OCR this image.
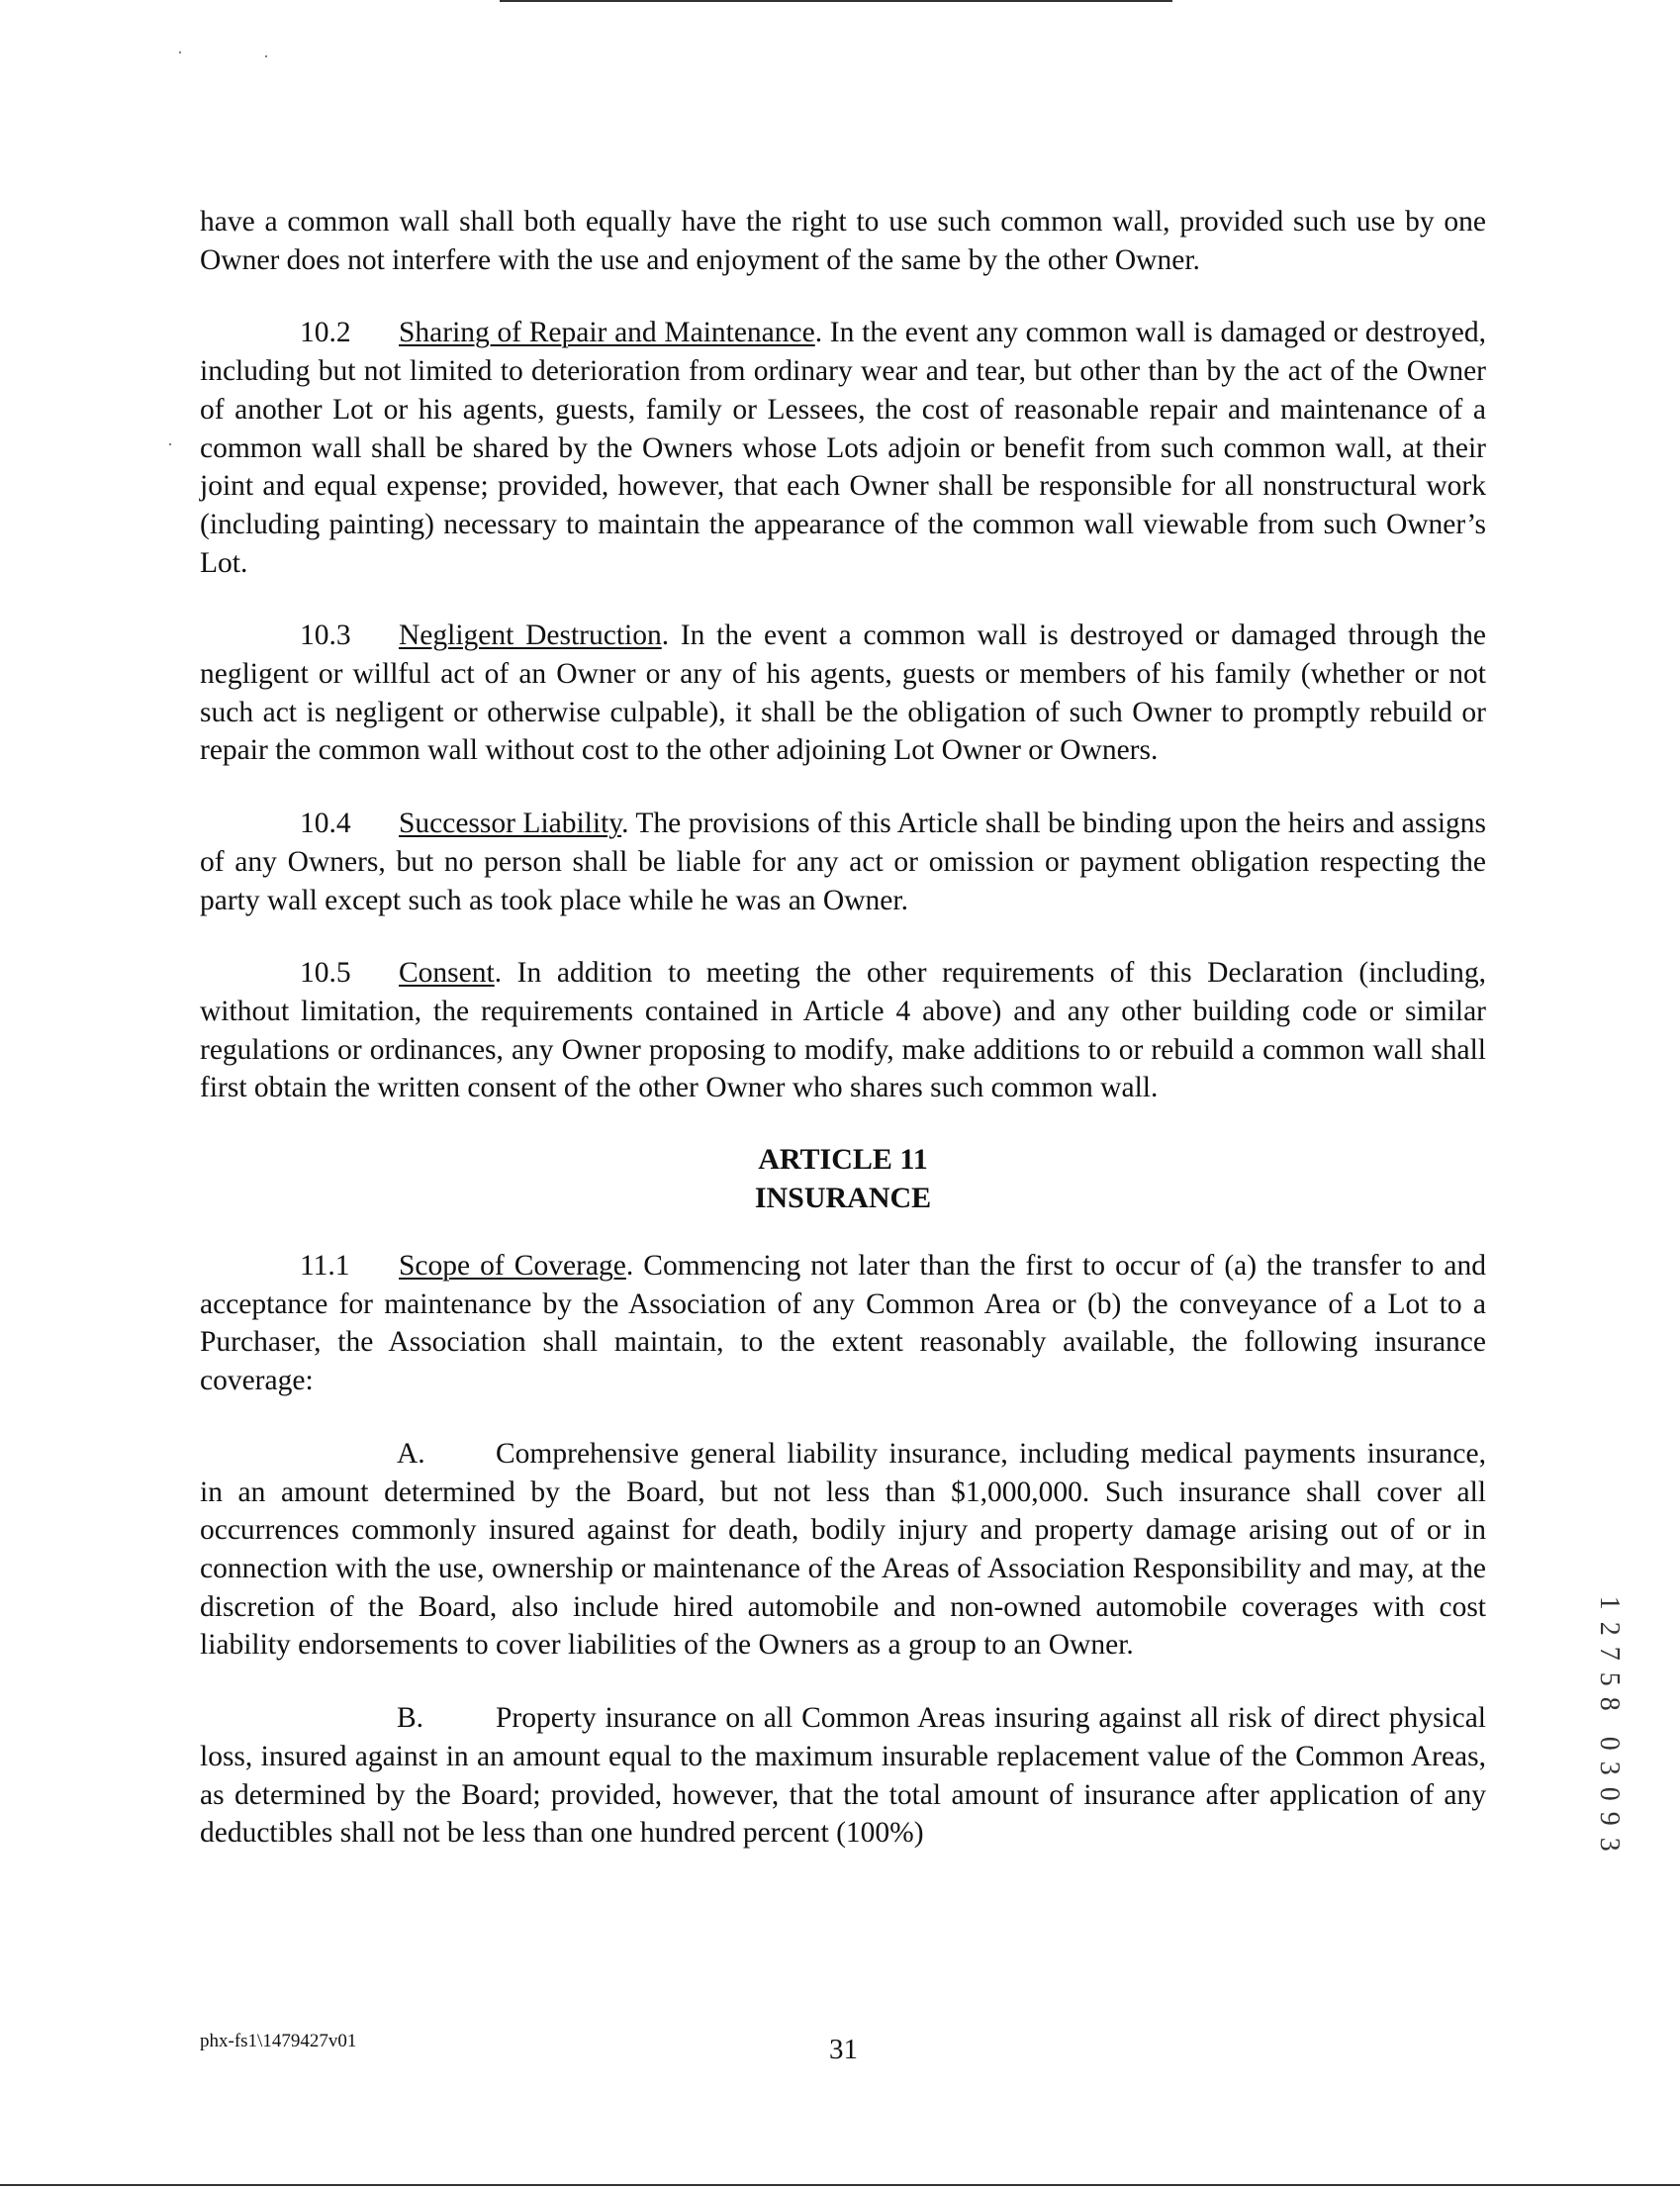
have a common wall shall both equally have the right to use such common wall, provided such use by one Owner does not interfere with the use and enjoyment of the same by the other Owner.

10.2 Sharing of Repair and Maintenance. In the event any common wall is damaged or destroyed, including but not limited to deterioration from ordinary wear and tear, but other than by the act of the Owner of another Lot or his agents, guests, family or Lessees, the cost of reasonable repair and maintenance of a common wall shall be shared by the Owners whose Lots adjoin or benefit from such common wall, at their joint and equal expense; provided, however, that each Owner shall be responsible for all nonstructural work (including painting) necessary to maintain the appearance of the common wall viewable from such Owner’s Lot.

10.3 Negligent Destruction. In the event a common wall is destroyed or damaged through the negligent or willful act of an Owner or any of his agents, guests or members of his family (whether or not such act is negligent or otherwise culpable), it shall be the obligation of such Owner to promptly rebuild or repair the common wall without cost to the other adjoining Lot Owner or Owners.

10.4 Successor Liability. The provisions of this Article shall be binding upon the heirs and assigns of any Owners, but no person shall be liable for any act or omission or payment obligation respecting the party wall except such as took place while he was an Owner.

10.5 Consent. In addition to meeting the other requirements of this Declaration (including, without limitation, the requirements contained in Article 4 above) and any other building code or similar regulations or ordinances, any Owner proposing to modify, make additions to or rebuild a common wall shall first obtain the written consent of the other Owner who shares such common wall.

ARTICLE 11

INSURANCE

11.1 Scope of Coverage. Commencing not later than the first to occur of (a) the transfer to and acceptance for maintenance by the Association of any Common Area or (b) the conveyance of a Lot to a Purchaser, the Association shall maintain, to the extent reasonably available, the following insurance coverage:

A. Comprehensive general liability insurance, including medical payments insurance, in an amount determined by the Board, but not less than $1,000,000. Such insurance shall cover all occurrences commonly insured against for death, bodily injury and property damage arising out of or in connection with the use, ownership or maintenance of the Areas of Association Responsibility and may, at the discretion of the Board, also include hired automobile and non-owned automobile coverages with cost liability endorsements to cover liabilities of the Owners as a group to an Owner.

B. Property insurance on all Common Areas insuring against all risk of direct physical loss, insured against in an amount equal to the maximum insurable replacement value of the Common Areas, as determined by the Board; provided, however, that the total amount of insurance after application of any deductibles shall not be less than one hundred percent (100%)

1
2
7
5
8
0
3
0
9
3
phx-fs1\1479427v01	31
